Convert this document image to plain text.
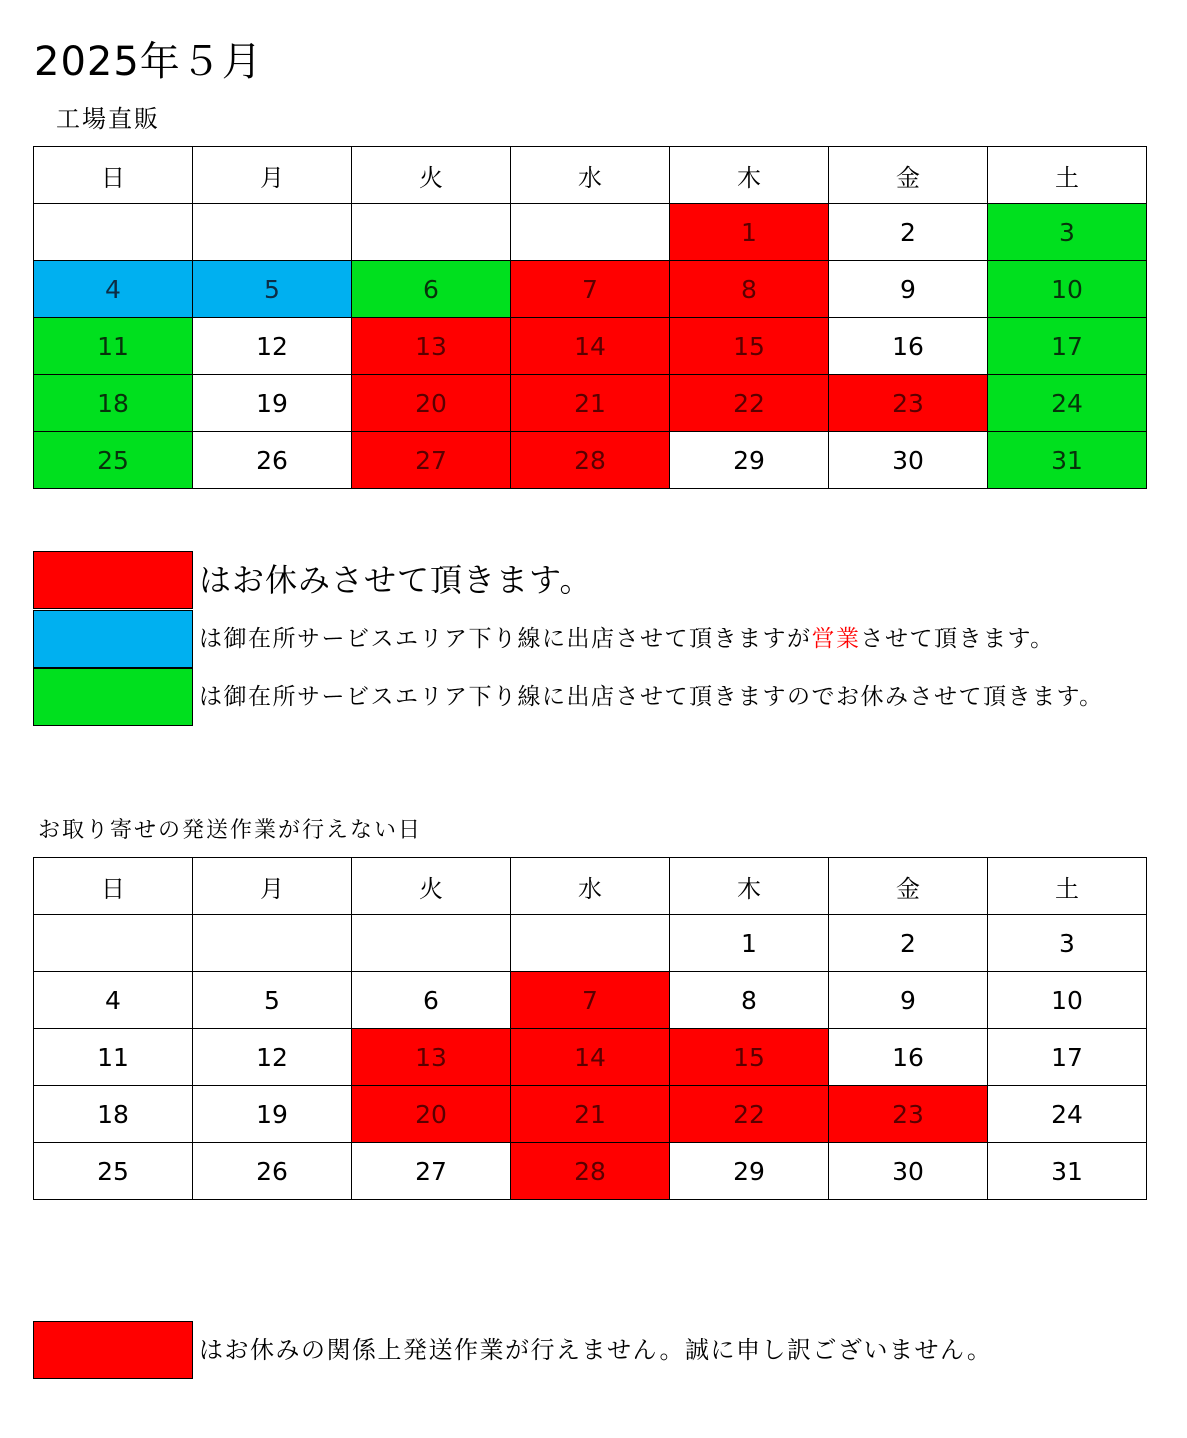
2025年５月
工場直販
日	月	火	水	木	金	土
				1	2	3
4	5	6	7	8	9	10
11	12	13	14	15	16	17
18	19	20	21	22	23	24
25	26	27	28	29	30	31
はお休みさせて頂きます。
は御在所サービスエリア下り線に出店させて頂きますが営業させて頂きます。
は御在所サービスエリア下り線に出店させて頂きますのでお休みさせて頂きます。
お取り寄せの発送作業が行えない日
日	月	火	水	木	金	土
				1	2	3
4	5	6	7	8	9	10
11	12	13	14	15	16	17
18	19	20	21	22	23	24
25	26	27	28	29	30	31
はお休みの関係上発送作業が行えません。誠に申し訳ございません。
